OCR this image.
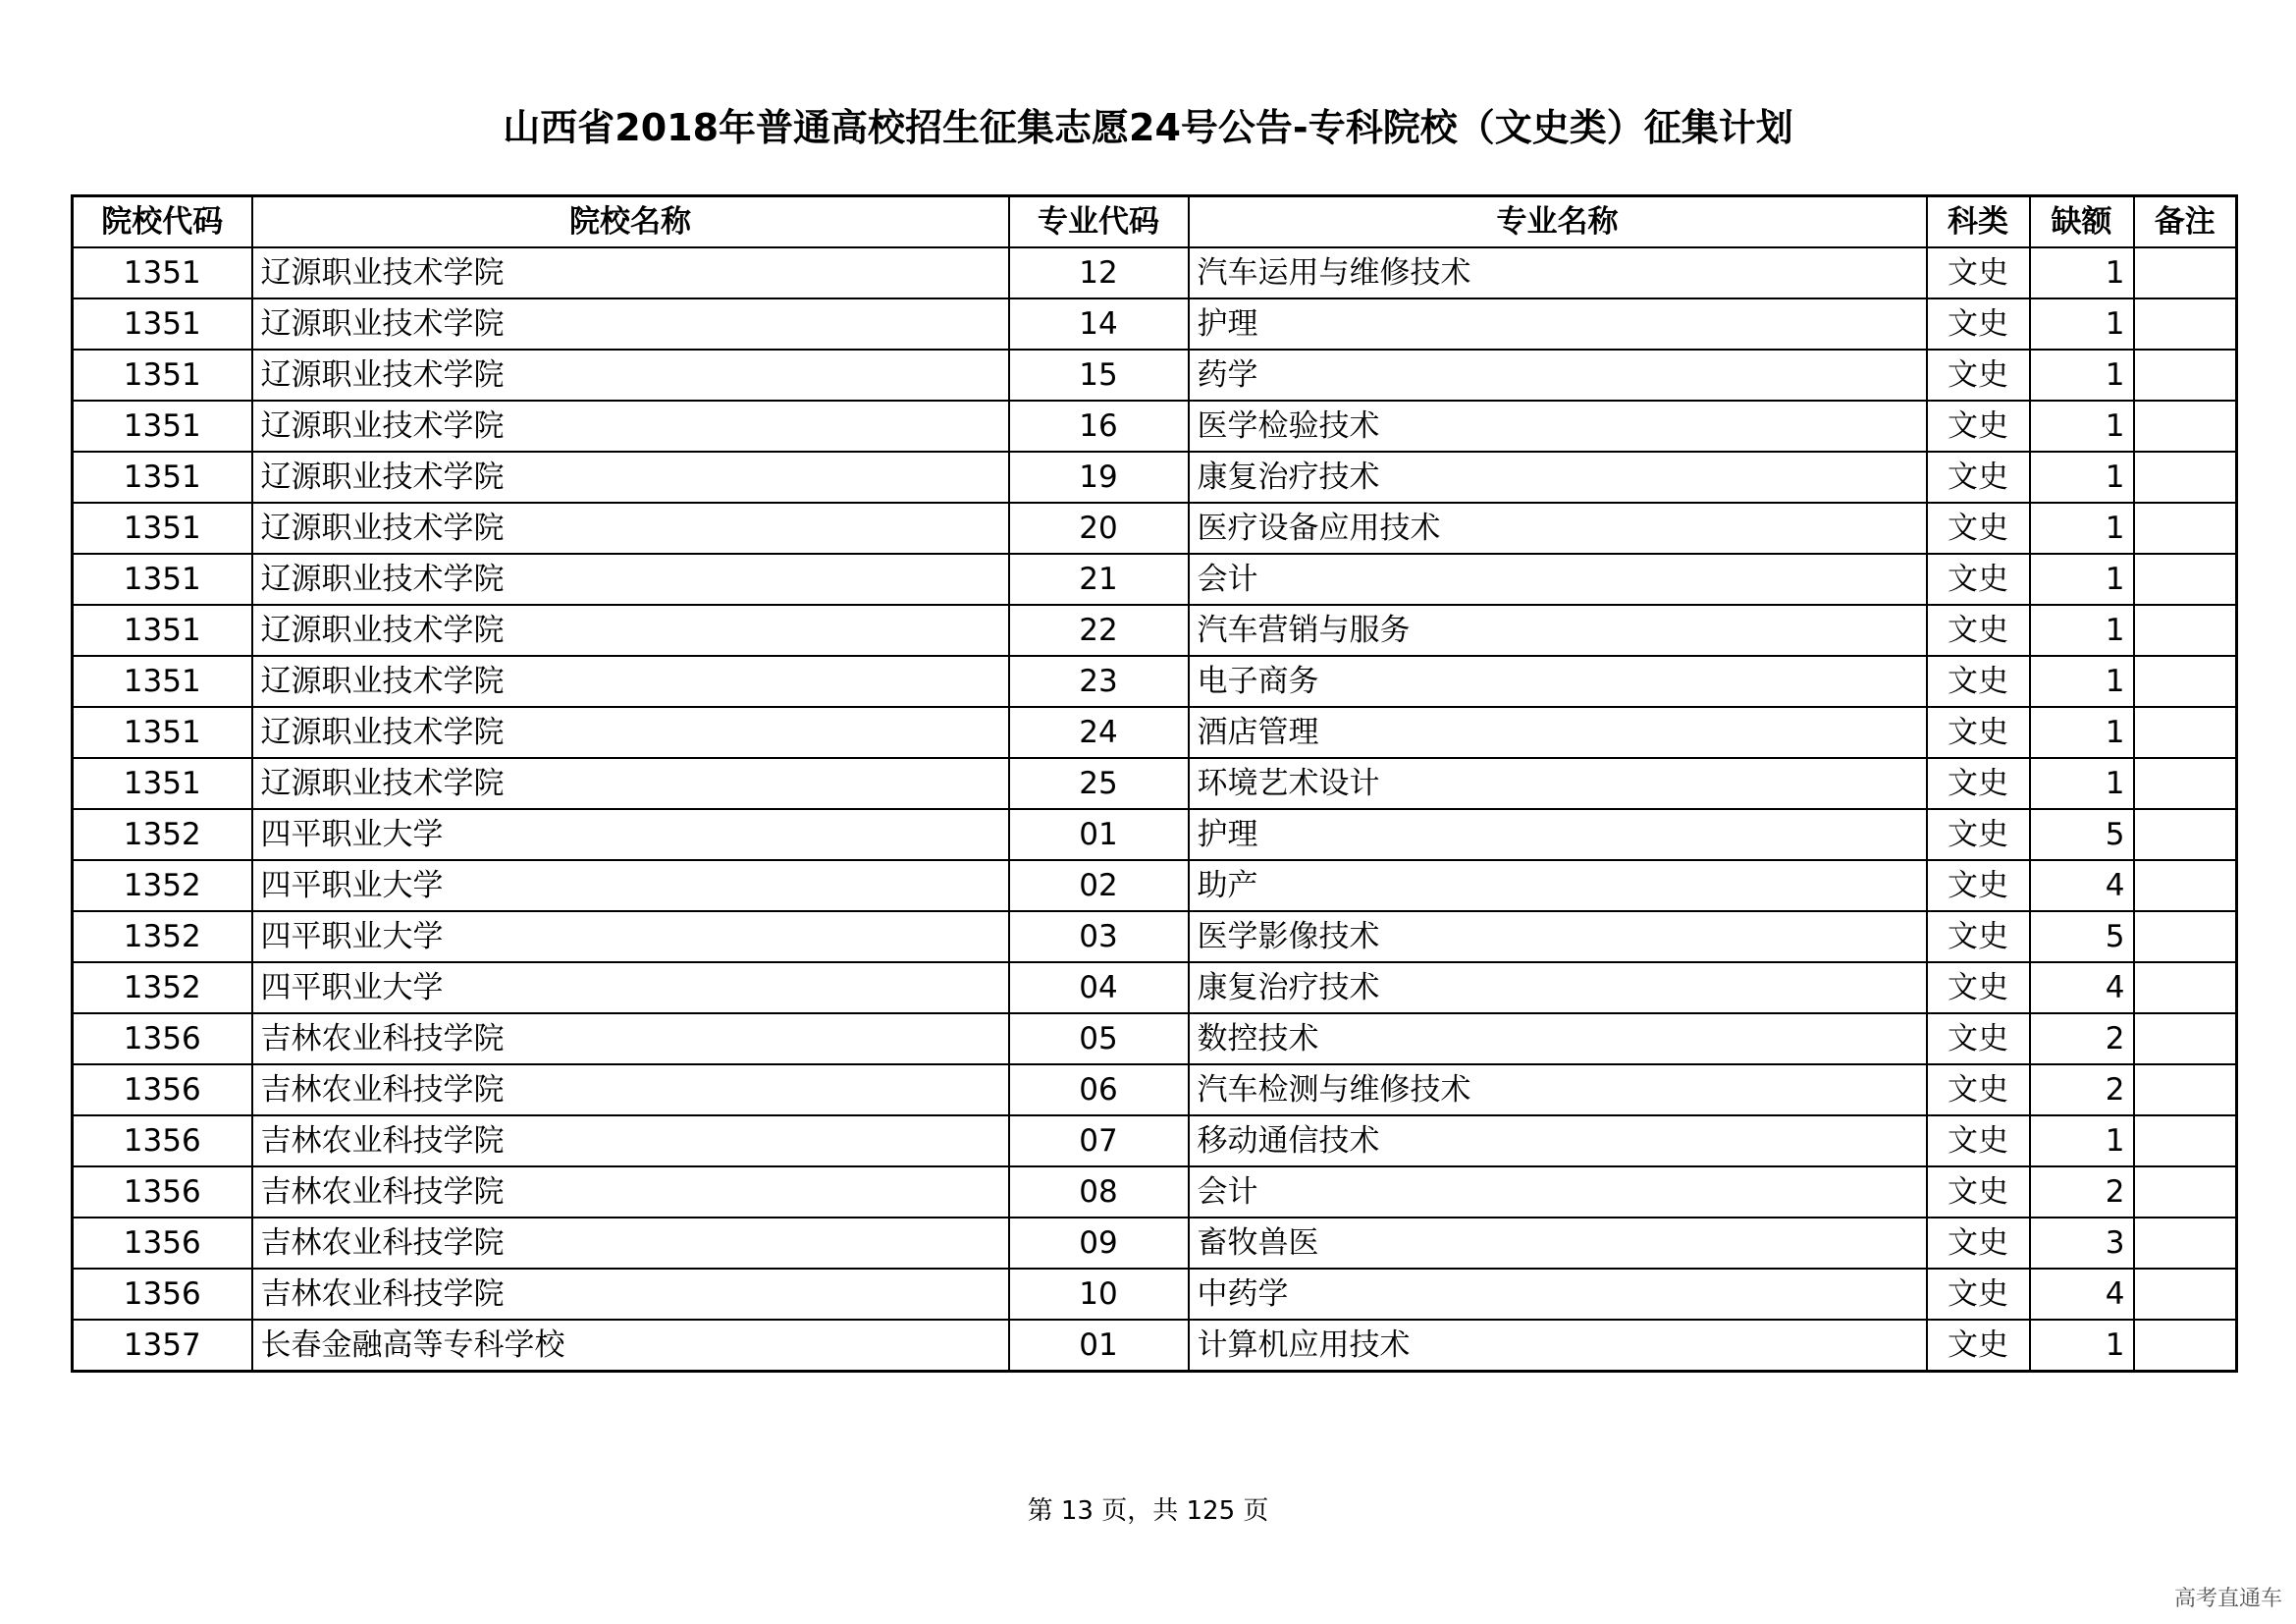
山西省2018年普通高校招生征集志愿24号公告-专科院校（文史类）征集计划
院校代码	院校名称	专业代码	专业名称	科类	缺额	备注
1351	辽源职业技术学院	12	汽车运用与维修技术	文史	1	
1351	辽源职业技术学院	14	护理	文史	1	
1351	辽源职业技术学院	15	药学	文史	1	
1351	辽源职业技术学院	16	医学检验技术	文史	1	
1351	辽源职业技术学院	19	康复治疗技术	文史	1	
1351	辽源职业技术学院	20	医疗设备应用技术	文史	1	
1351	辽源职业技术学院	21	会计	文史	1	
1351	辽源职业技术学院	22	汽车营销与服务	文史	1	
1351	辽源职业技术学院	23	电子商务	文史	1	
1351	辽源职业技术学院	24	酒店管理	文史	1	
1351	辽源职业技术学院	25	环境艺术设计	文史	1	
1352	四平职业大学	01	护理	文史	5	
1352	四平职业大学	02	助产	文史	4	
1352	四平职业大学	03	医学影像技术	文史	5	
1352	四平职业大学	04	康复治疗技术	文史	4	
1356	吉林农业科技学院	05	数控技术	文史	2	
1356	吉林农业科技学院	06	汽车检测与维修技术	文史	2	
1356	吉林农业科技学院	07	移动通信技术	文史	1	
1356	吉林农业科技学院	08	会计	文史	2	
1356	吉林农业科技学院	09	畜牧兽医	文史	3	
1356	吉林农业科技学院	10	中药学	文史	4	
1357	长春金融高等专科学校	01	计算机应用技术	文史	1	
第 13 页，共 125 页
高考直通车
